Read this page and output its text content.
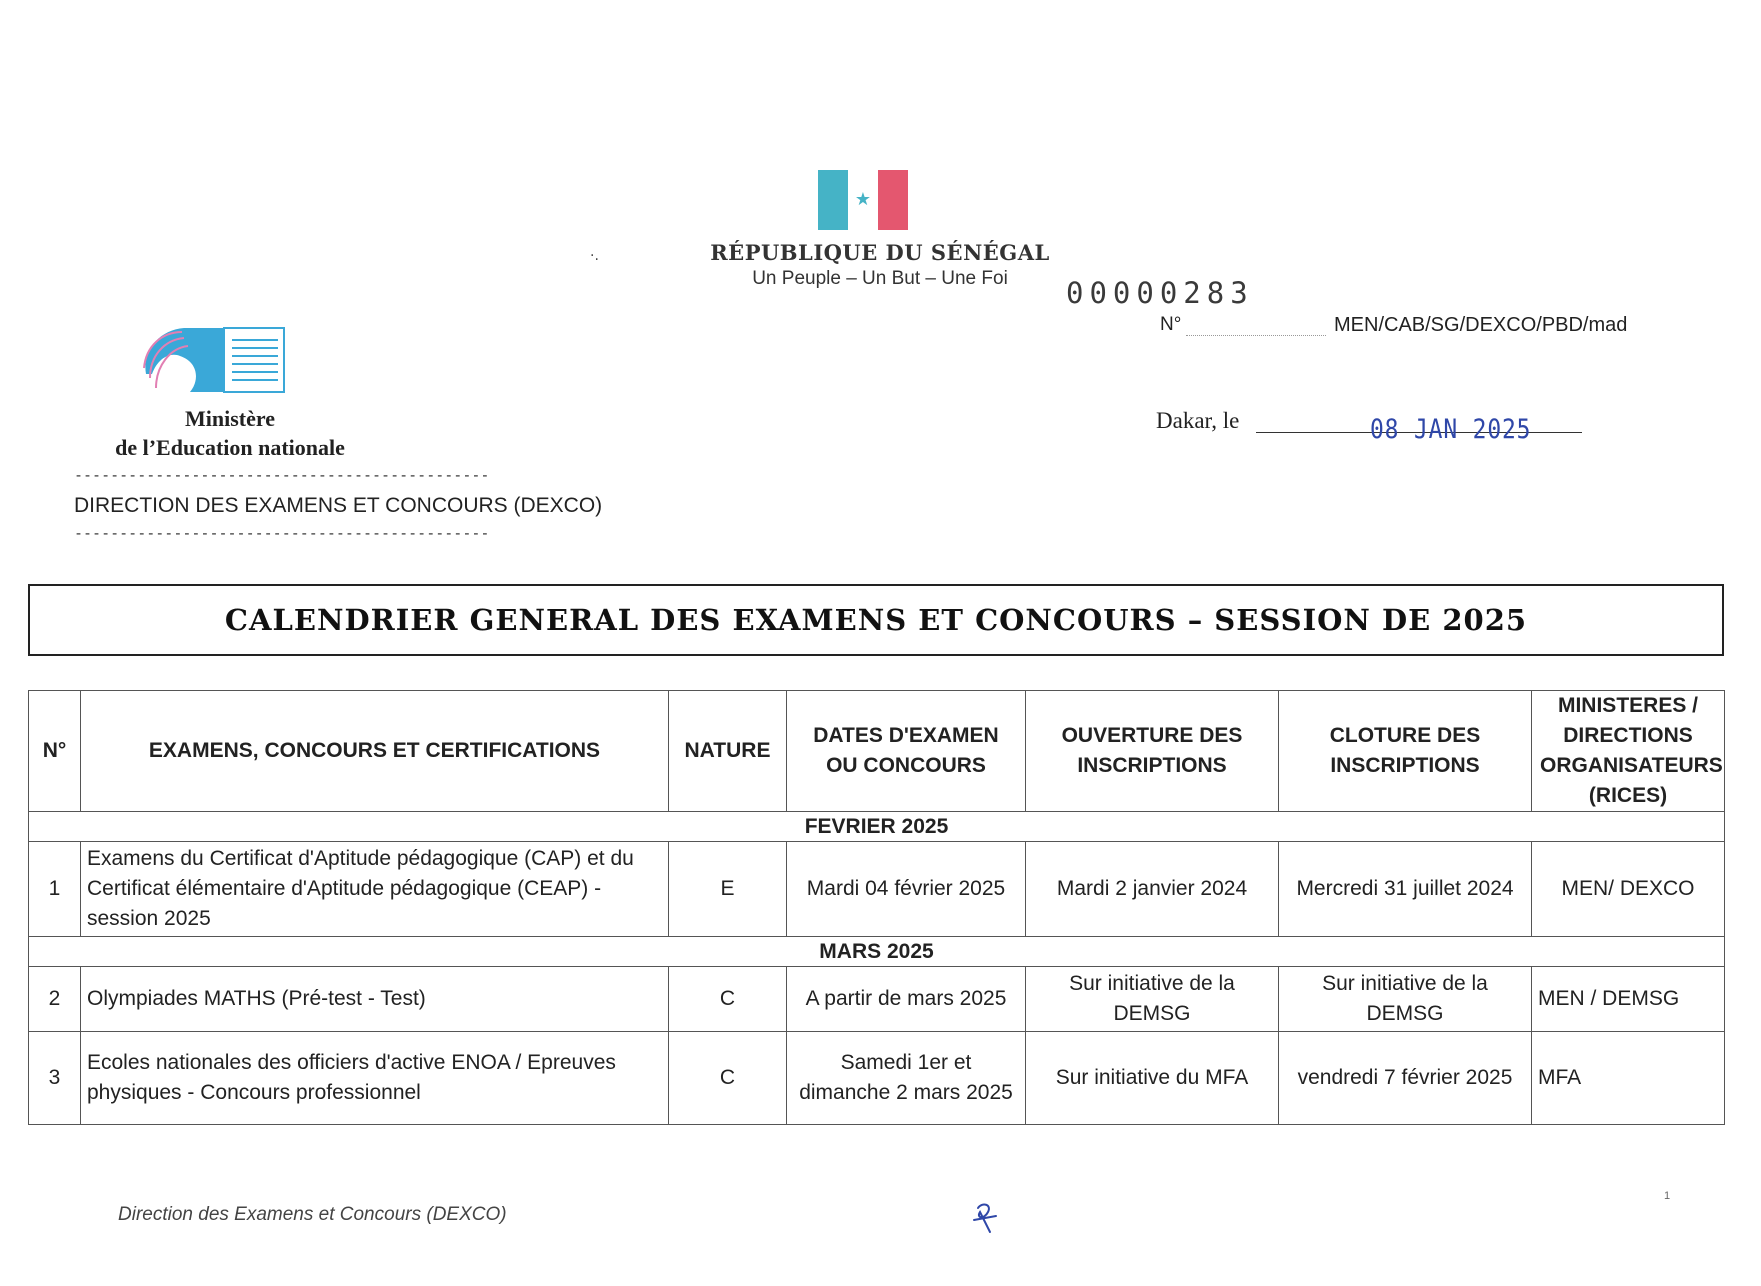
★
RÉPUBLIQUE DU SÉNÉGAL
Un Peuple – Un But – Une Foi
·.
Ministère
de l’Education nationale
----------------------------------------------
DIRECTION DES EXAMENS ET CONCOURS (DEXCO)
----------------------------------------------
00000283
N°	MEN/CAB/SG/DEXCO/PBD/mad
Dakar, le	08 JAN 2025
CALENDRIER GENERAL DES EXAMENS ET CONCOURS – SESSION DE 2025
N°	EXAMENS, CONCOURS ET CERTIFICATIONS	NATURE	DATES D'EXAMEN OU CONCOURS	OUVERTURE DES INSCRIPTIONS	CLOTURE DES INSCRIPTIONS	MINISTERES / DIRECTIONS ORGANISATEURS (RICES)
FEVRIER 2025						
1	Examens du Certificat d'Aptitude pédagogique (CAP) et du Certificat élémentaire d'Aptitude pédagogique (CEAP) - session 2025	E	Mardi 04 février 2025	Mardi 2 janvier 2024	Mercredi 31 juillet 2024	MEN/ DEXCO
MARS 2025						
2	Olympiades MATHS (Pré-test - Test)	C	A partir de mars 2025	Sur initiative de la DEMSG	Sur initiative de la DEMSG	MEN / DEMSG
3	Ecoles nationales des officiers d'active ENOA / Epreuves physiques - Concours professionnel	C	Samedi 1er et dimanche 2 mars 2025	Sur initiative du MFA	vendredi 7 février 2025	MFA
Direction des Examens et Concours (DEXCO)
1
